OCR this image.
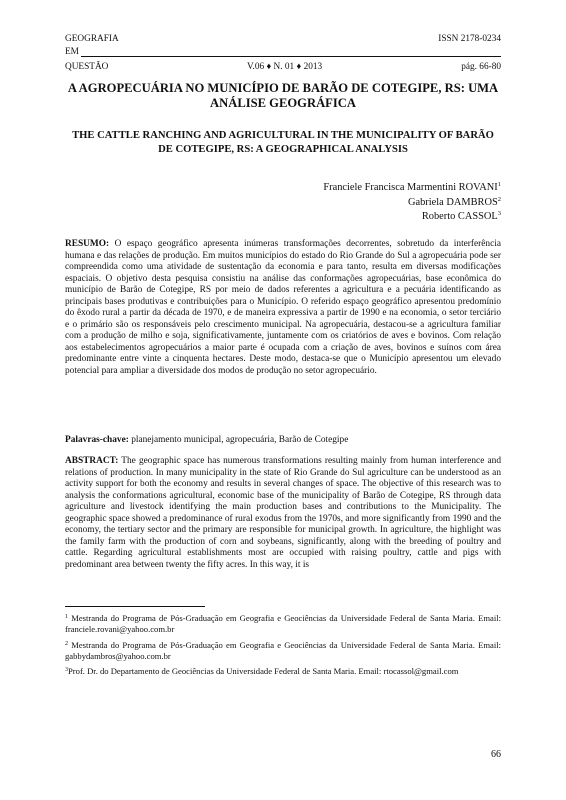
GEOGRAFIA	ISSN 2178-0234
EM
QUESTÃO	V.06 ♦ N. 01 ♦ 2013	pág. 66-80
A AGROPECUÁRIA NO MUNICÍPIO DE BARÃO DE COTEGIPE, RS: UMA ANÁLISE GEOGRÁFICA
THE CATTLE RANCHING AND AGRICULTURAL IN THE MUNICIPALITY OF BARÃO DE COTEGIPE, RS: A GEOGRAPHICAL ANALYSIS
Franciele Francisca Marmentini ROVANI$^1$
Gabriela DAMBROS$^2$
Roberto CASSOL$^3$

RESUMO: O espaço geográfico apresenta inúmeras transformações decorrentes, sobretudo da interferência humana e das relações de produção. Em muitos municípios do estado do Rio Grande do Sul a agropecuária pode ser compreendida como uma atividade de sustentação da economia e para tanto, resulta em diversas modificações espaciais. O objetivo desta pesquisa consistiu na análise das conformações agropecuárias, base econômica do município de Barão de Cotegipe, RS por meio de dados referentes a agricultura e a pecuária identificando as principais bases produtivas e contribuições para o Município. O referido espaço geográfico apresentou predomínio do êxodo rural a partir da década de 1970, e de maneira expressiva a partir de 1990 e na economia, o setor terciário e o primário são os responsáveis pelo crescimento municipal. Na agropecuária, destacou-se a agricultura familiar com a produção de milho e soja, significativamente, juntamente com os criatórios de aves e bovinos. Com relação aos estabelecimentos agropecuários a maior parte é ocupada com a criação de aves, bovinos e suínos com área predominante entre vinte a cinquenta hectares. Deste modo, destaca-se que o Município apresentou um elevado potencial para ampliar a diversidade dos modos de produção no setor agropecuário.

Palavras-chave: planejamento municipal, agropecuária, Barão de Cotegipe

ABSTRACT: The geographic space has numerous transformations resulting mainly from human interference and relations of production. In many municipality in the state of Rio Grande do Sul agriculture can be understood as an activity support for both the economy and results in several changes of space. The objective of this research was to analysis the conformations agricultural, economic base of the municipality of Barão de Cotegipe, RS through data agriculture and livestock identifying the main production bases and contributions to the Municipality. The geographic space showed a predominance of rural exodus from the 1970s, and more significantly from 1990 and the economy, the tertiary sector and the primary are responsible for municipal growth. In agriculture, the highlight was the family farm with the production of corn and soybeans, significantly, along with the breeding of poultry and cattle. Regarding agricultural establishments most are occupied with raising poultry, cattle and pigs with predominant area between twenty the fifty acres. In this way, it is

$^1$ Mestranda do Programa de Pós-Graduação em Geografia e Geociências da Universidade Federal de Santa Maria. Email: franciele.rovani@yahoo.com.br

$^2$ Mestranda do Programa de Pós-Graduação em Geografia e Geociências da Universidade Federal de Santa Maria. Email: gabbydambros@yahoo.com.br

$^3$Prof. Dr. do Departamento de Geociências da Universidade Federal de Santa Maria. Email: rtocassol@gmail.com

66
